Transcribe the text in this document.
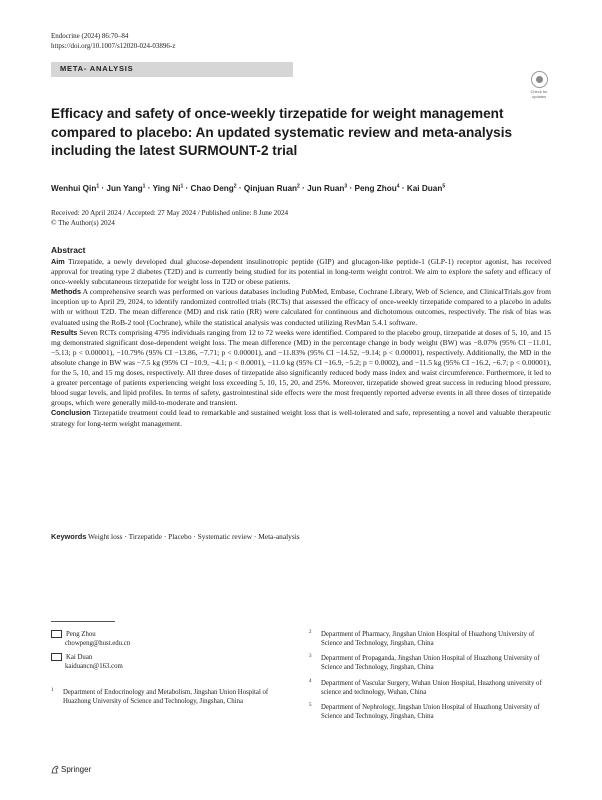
Endocrine (2024) 86:70–84
https://doi.org/10.1007/s12020-024-03896-z
META- ANALYSIS
Check for updates
Efficacy and safety of once-weekly tirzepatide for weight management compared to placebo: An updated systematic review and meta-analysis including the latest SURMOUNT-2 trial
Wenhui Qin$^1$ · Jun Yang$^1$ · Ying $Ni^1$ · Chao Deng$^2$ · Qinjuan Ruan$^2$ · Jun Ruan$^3$ · Peng Zhou$^4$ · Kai Duan$^5$
Received: 20 April 2024 / Accepted: 27 May 2024 / Published online: 8 June 2024
© The Author(s) 2024
Abstract

Aim Tirzepatide, a newly developed dual glucose-dependent insulinotropic peptide (GIP) and glucagon-like peptide-1 (GLP-1) receptor agonist, has received approval for treating type 2 diabetes (T2D) and is currently being studied for its potential in long-term weight control. We aim to explore the safety and efficacy of once-weekly subcutaneous tirzepatide for weight loss in T2D or obese patients.

Methods A comprehensive search was performed on various databases including PubMed, Embase, Cochrane Library, Web of Science, and ClinicalTrials.gov from inception up to April 29, 2024, to identify randomized controlled trials (RCTs) that assessed the efficacy of once-weekly tirzepatide compared to a placebo in adults with or without T2D. The mean difference (MD) and risk ratio (RR) were calculated for continuous and dichotomous outcomes, respectively. The risk of bias was evaluated using the RoB-2 tool (Cochrane), while the statistical analysis was conducted utilizing RevMan 5.4.1 software.

Results Seven RCTs comprising 4795 individuals ranging from 12 to 72 weeks were identified. Compared to the placebo group, tirzepatide at doses of 5, 10, and 15 mg demonstrated significant dose-dependent weight loss. The mean difference (MD) in the percentage change in body weight (BW) was −8.07% (95% CI −11.01, −5.13; p < 0.00001), −10.79% (95% CI −13.86, −7.71; p < 0.00001), and −11.83% (95% CI −14.52, −9.14; p < 0.00001), respectively. Additionally, the MD in the absolute change in BW was −7.5 kg (95% CI −10.9, −4.1; p < 0.0001), −11.0 kg (95% CI −16.9, −5.2; p = 0.0002), and −11.5 kg (95% CI −16.2, −6.7; p < 0.00001), for the 5, 10, and 15 mg doses, respectively. All three doses of tirzepatide also significantly reduced body mass index and waist circumference. Furthermore, it led to a greater percentage of patients experiencing weight loss exceeding 5, 10, 15, 20, and 25%. Moreover, tirzepatide showed great success in reducing blood pressure, blood sugar levels, and lipid profiles. In terms of safety, gastrointestinal side effects were the most frequently reported adverse events in all three doses of tirzepatide groups, which were generally mild-to-moderate and transient.

Conclusion Tirzepatide treatment could lead to remarkable and sustained weight loss that is well-tolerated and safe, representing a novel and valuable therapeutic strategy for long-term weight management.

Keywords Weight loss · Tirzepatide · Placebo · Systematic review · Meta-analysis
Peng Zhou
chowpeng@hust.edu.cn
Kai Duan
kaiduancn@163.com
1 Department of Endocrinology and Metabolism, Jingshan Union Hospital of Huazhong University of Science and Technology, Jingshan, China
2 Department of Pharmacy, Jingshan Union Hospital of Huazhong University of Science and Technology, Jingshan, China
3 Department of Propaganda, Jingshan Union Hospital of Huazhong University of Science and Technology, Jingshan, China
4 Department of Vascular Surgery, Wuhan Union Hospital, Huazhong university of science and technology, Wuhan, China
5 Department of Nephrology, Jingshan Union Hospital of Huazhong University of Science and Technology, Jingshan, China
Springer
